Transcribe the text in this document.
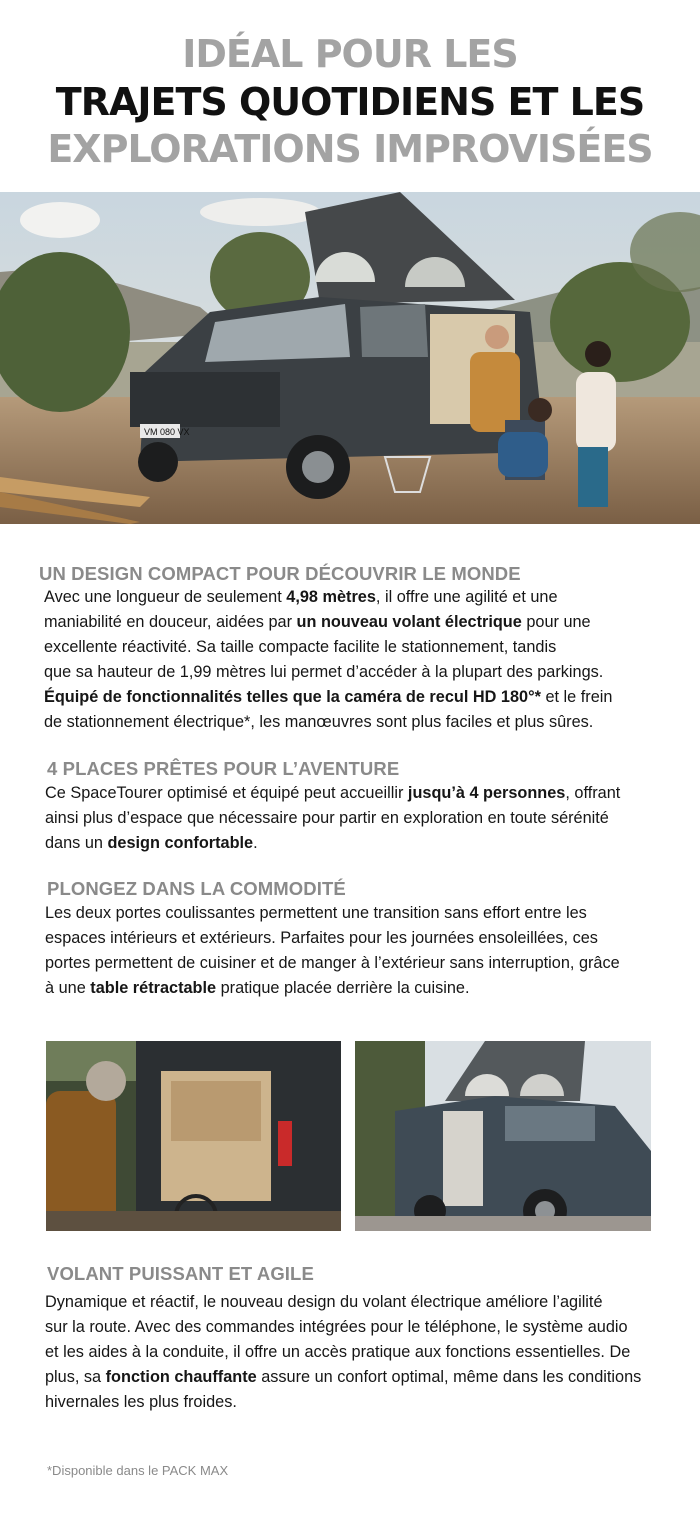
IDÉAL POUR LES
TRAJETS QUOTIDIENS ET LES
EXPLORATIONS IMPROVISÉES
VM 080 VX
UN DESIGN COMPACT POUR DÉCOUVRIR LE MONDE
Avec une longueur de seulement 4,98 mètres, il offre une agilité et une
maniabilité en douceur, aidées par un nouveau volant électrique pour une
excellente réactivité. Sa taille compacte facilite le stationnement, tandis
que sa hauteur de 1,99 mètres lui permet d’accéder à la plupart des parkings.
Équipé de fonctionnalités telles que la caméra de recul HD 180°* et le frein
de stationnement électrique*, les manœuvres sont plus faciles et plus sûres.
4 PLACES PRÊTES POUR L’AVENTURE
Ce SpaceTourer optimisé et équipé peut accueillir jusqu’à 4 personnes, offrant
ainsi plus d’espace que nécessaire pour partir en exploration en toute sérénité
dans un design confortable.
PLONGEZ DANS LA COMMODITÉ
Les deux portes coulissantes permettent une transition sans effort entre les
espaces intérieurs et extérieurs. Parfaites pour les journées ensoleillées, ces
portes permettent de cuisiner et de manger à l’extérieur sans interruption, grâce
à une table rétractable pratique placée derrière la cuisine.
VOLANT PUISSANT ET AGILE
Dynamique et réactif, le nouveau design du volant électrique améliore l’agilité
sur la route. Avec des commandes intégrées pour le téléphone, le système audio
et les aides à la conduite, il offre un accès pratique aux fonctions essentielles. De
plus, sa fonction chauffante assure un confort optimal, même dans les conditions
hivernales les plus froides.
*Disponible dans le PACK MAX
